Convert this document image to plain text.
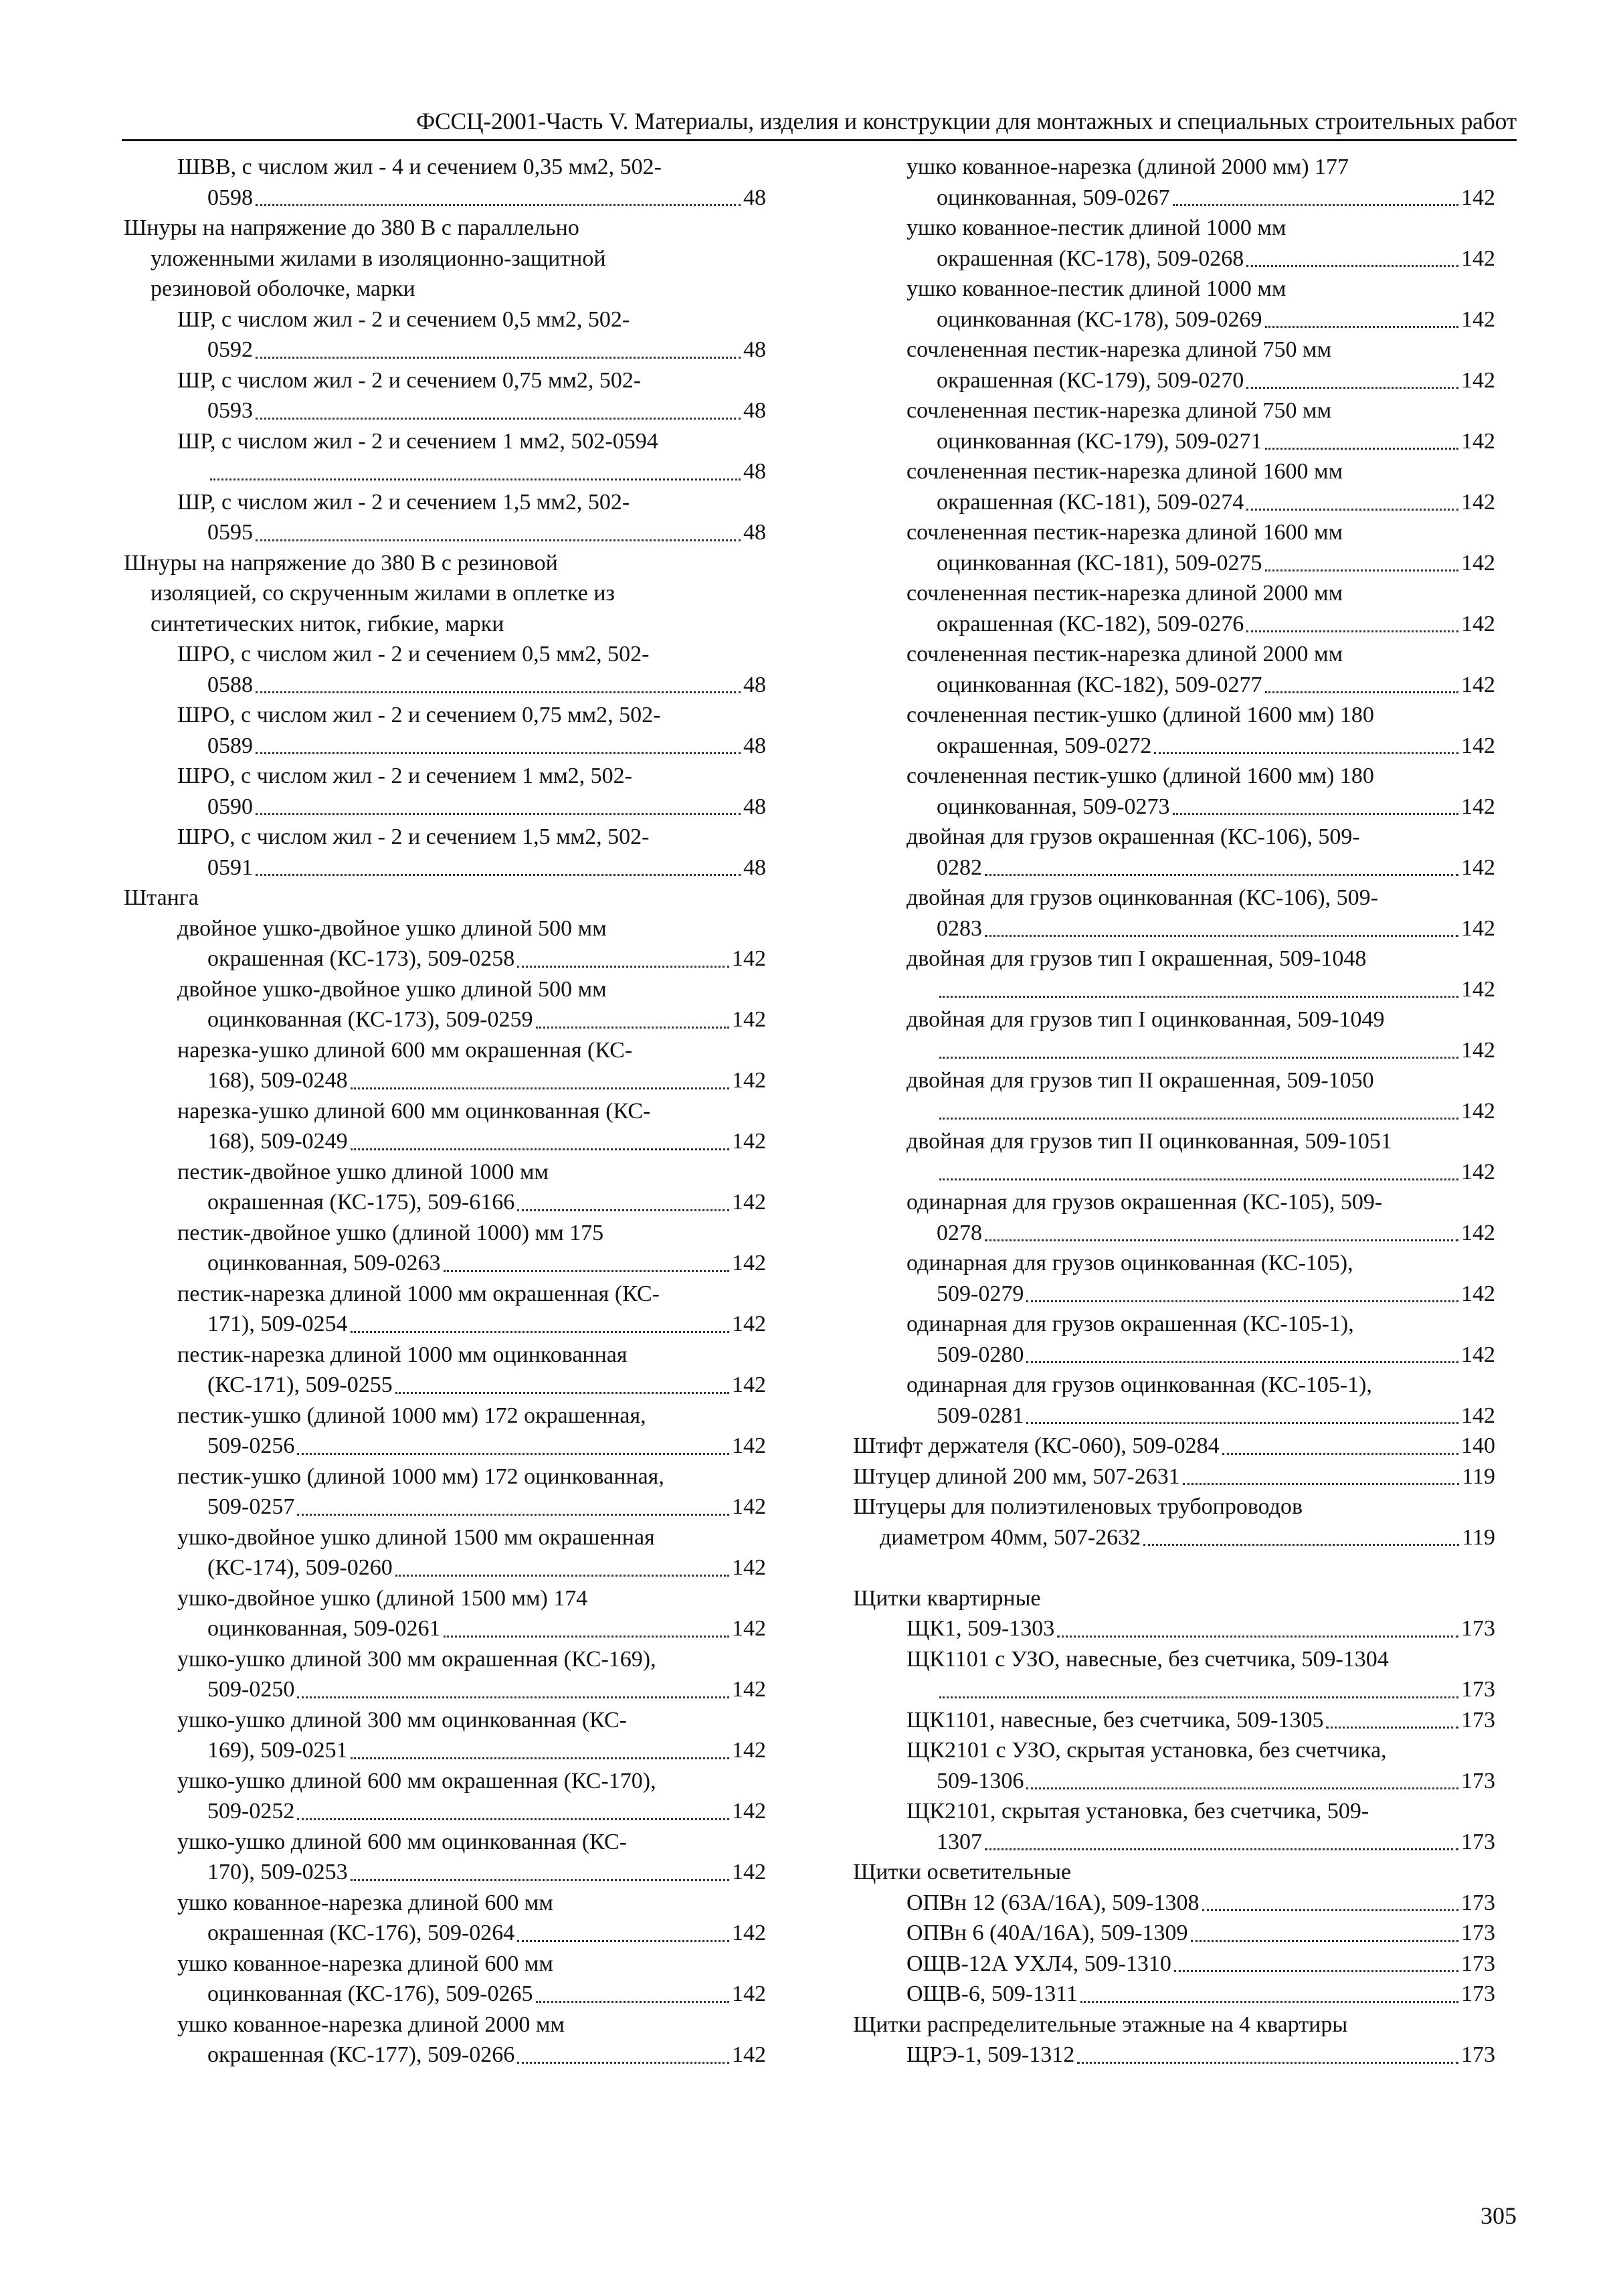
ФССЦ-2001-Часть V. Материалы, изделия и конструкции для монтажных и специальных строительных работ
ШВВ, с числом жил - 4 и сечением 0,35 мм2, 502-
0598	48
Шнуры на напряжение до 380 В с параллельно
уложенными жилами в изоляционно-защитной
резиновой оболочке, марки
ШР, с числом жил - 2 и сечением 0,5 мм2, 502-
0592	48
ШР, с числом жил - 2 и сечением 0,75 мм2, 502-
0593	48
ШР, с числом жил - 2 и сечением 1 мм2, 502-0594
48
ШР, с числом жил - 2 и сечением 1,5 мм2, 502-
0595	48
Шнуры на напряжение до 380 В с резиновой
изоляцией, со скрученным жилами в оплетке из
синтетических ниток, гибкие, марки
ШРО, с числом жил - 2 и сечением 0,5 мм2, 502-
0588	48
ШРО, с числом жил - 2 и сечением 0,75 мм2, 502-
0589	48
ШРО, с числом жил - 2 и сечением 1 мм2, 502-
0590	48
ШРО, с числом жил - 2 и сечением 1,5 мм2, 502-
0591	48
Штанга
двойное ушко-двойное ушко длиной 500 мм
окрашенная (КС-173), 509-0258	142
двойное ушко-двойное ушко длиной 500 мм
оцинкованная (КС-173), 509-0259	142
нарезка-ушко длиной 600 мм окрашенная (КС-
168), 509-0248	142
нарезка-ушко длиной 600 мм оцинкованная (КС-
168), 509-0249	142
пестик-двойное ушко длиной 1000 мм
окрашенная (КС-175), 509-6166	142
пестик-двойное ушко (длиной 1000) мм 175
оцинкованная, 509-0263	142
пестик-нарезка длиной 1000 мм окрашенная (КС-
171), 509-0254	142
пестик-нарезка длиной 1000 мм оцинкованная
(КС-171), 509-0255	142
пестик-ушко (длиной 1000 мм) 172 окрашенная,
509-0256	142
пестик-ушко (длиной 1000 мм) 172 оцинкованная,
509-0257	142
ушко-двойное ушко длиной 1500 мм окрашенная
(КС-174), 509-0260	142
ушко-двойное ушко (длиной 1500 мм) 174
оцинкованная, 509-0261	142
ушко-ушко длиной 300 мм окрашенная (КС-169),
509-0250	142
ушко-ушко длиной 300 мм оцинкованная (КС-
169), 509-0251	142
ушко-ушко длиной 600 мм окрашенная (КС-170),
509-0252	142
ушко-ушко длиной 600 мм оцинкованная (КС-
170), 509-0253	142
ушко кованное-нарезка длиной 600 мм
окрашенная (КС-176), 509-0264	142
ушко кованное-нарезка длиной 600 мм
оцинкованная (КС-176), 509-0265	142
ушко кованное-нарезка длиной 2000 мм
окрашенная (КС-177), 509-0266	142
ушко кованное-нарезка (длиной 2000 мм) 177
оцинкованная, 509-0267	142
ушко кованное-пестик длиной 1000 мм
окрашенная (КС-178), 509-0268	142
ушко кованное-пестик длиной 1000 мм
оцинкованная (КС-178), 509-0269	142
сочлененная пестик-нарезка длиной 750 мм
окрашенная (КС-179), 509-0270	142
сочлененная пестик-нарезка длиной 750 мм
оцинкованная (КС-179), 509-0271	142
сочлененная пестик-нарезка длиной 1600 мм
окрашенная (КС-181), 509-0274	142
сочлененная пестик-нарезка длиной 1600 мм
оцинкованная (КС-181), 509-0275	142
сочлененная пестик-нарезка длиной 2000 мм
окрашенная (КС-182), 509-0276	142
сочлененная пестик-нарезка длиной 2000 мм
оцинкованная (КС-182), 509-0277	142
сочлененная пестик-ушко (длиной 1600 мм) 180
окрашенная, 509-0272	142
сочлененная пестик-ушко (длиной 1600 мм) 180
оцинкованная, 509-0273	142
двойная для грузов окрашенная (КС-106), 509-
0282	142
двойная для грузов оцинкованная (КС-106), 509-
0283	142
двойная для грузов тип I окрашенная, 509-1048
142
двойная для грузов тип I оцинкованная, 509-1049
142
двойная для грузов тип II окрашенная, 509-1050
142
двойная для грузов тип II оцинкованная, 509-1051
142
одинарная для грузов окрашенная (КС-105), 509-
0278	142
одинарная для грузов оцинкованная (КС-105),
509-0279	142
одинарная для грузов окрашенная (КС-105-1),
509-0280	142
одинарная для грузов оцинкованная (КС-105-1),
509-0281	142
Штифт держателя (КС-060), 509-0284	140
Штуцер длиной 200 мм, 507-2631	119
Штуцеры для полиэтиленовых трубопроводов
диаметром 40мм, 507-2632	119
Щитки квартирные
ЩК1, 509-1303	173
ЩК1101 с УЗО, навесные, без счетчика, 509-1304
173
ЩК1101, навесные, без счетчика, 509-1305	173
ЩК2101 с УЗО, скрытая установка, без счетчика,
509-1306	173
ЩК2101, скрытая установка, без счетчика, 509-
1307	173
Щитки осветительные
ОПВн 12 (63А/16А), 509-1308	173
ОПВн 6 (40А/16А), 509-1309	173
ОЩВ-12А УХЛ4, 509-1310	173
ОЩВ-6, 509-1311	173
Щитки распределительные этажные на 4 квартиры
ЩРЭ-1, 509-1312	173
305
